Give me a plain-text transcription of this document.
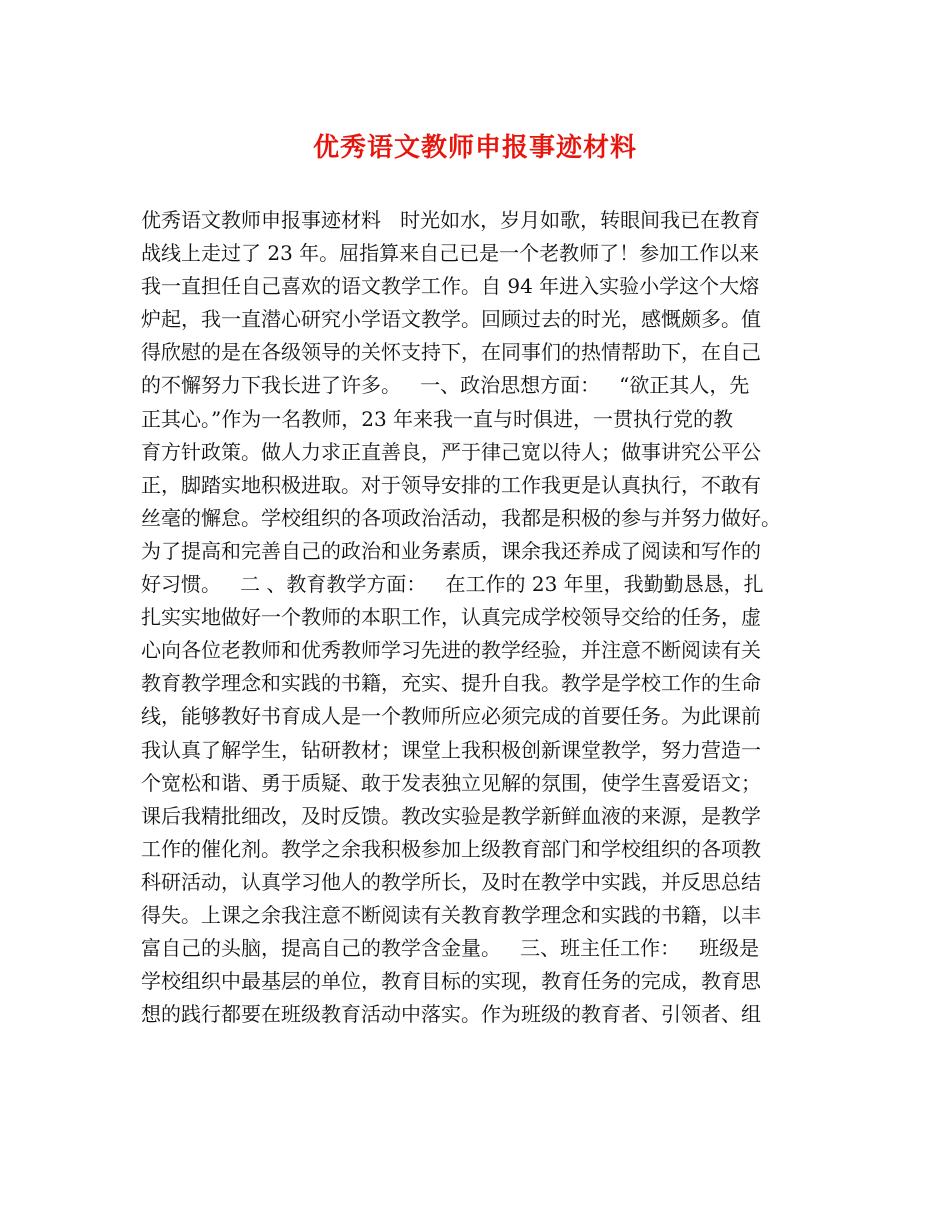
优秀语文教师申报事迹材料
优秀语文教师申报事迹材料   时光如水，岁月如歌，转眼间我已在教育
战线上走过了 23 年。屈指算来自己已是一个老教师了！参加工作以来
我一直担任自己喜欢的语文教学工作。自 94 年进入实验小学这个大熔
炉起，我一直潜心研究小学语文教学。回顾过去的时光，感慨颇多。值
得欣慰的是在各级领导的关怀支持下，在同事们的热情帮助下，在自己
的不懈努力下我长进了许多。   一、政治思想方面：   “欲正其人，先
正其心。”作为一名教师，23 年来我一直与时俱进，一贯执行党的教
育方针政策。做人力求正直善良，严于律己宽以待人；做事讲究公平公
正，脚踏实地积极进取。对于领导安排的工作我更是认真执行，不敢有
丝毫的懈怠。学校组织的各项政治活动，我都是积极的参与并努力做好。
为了提高和完善自己的政治和业务素质，课余我还养成了阅读和写作的
好习惯。   二 、教育教学方面：   在工作的 23 年里，我勤勤恳恳，扎
扎实实地做好一个教师的本职工作，认真完成学校领导交给的任务，虚
心向各位老教师和优秀教师学习先进的教学经验，并注意不断阅读有关
教育教学理念和实践的书籍，充实、提升自我。教学是学校工作的生命
线，能够教好书育成人是一个教师所应必须完成的首要任务。为此课前
我认真了解学生，钻研教材；课堂上我积极创新课堂教学，努力营造一
个宽松和谐、勇于质疑、敢于发表独立见解的氛围，使学生喜爱语文；
课后我精批细改，及时反馈。教改实验是教学新鲜血液的来源，是教学
工作的催化剂。教学之余我积极参加上级教育部门和学校组织的各项教
科研活动，认真学习他人的教学所长，及时在教学中实践，并反思总结
得失。上课之余我注意不断阅读有关教育教学理念和实践的书籍，以丰
富自己的头脑，提高自己的教学含金量。   三、班主任工作：   班级是
学校组织中最基层的单位，教育目标的实现，教育任务的完成，教育思
想的践行都要在班级教育活动中落实。作为班级的教育者、引领者、组
